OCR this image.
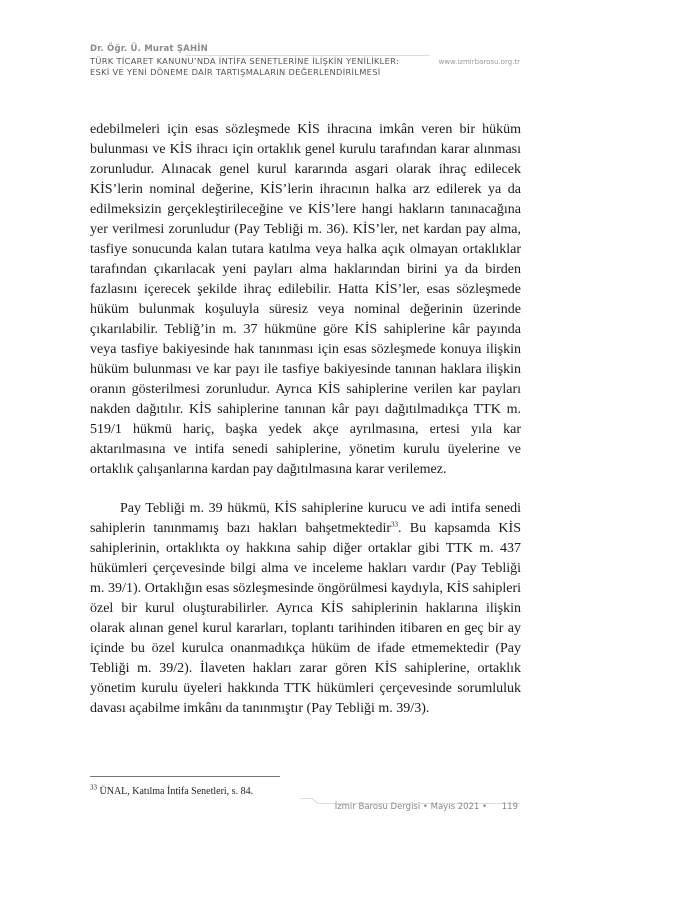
Dr. Öğr. Ü. Murat ŞAHİN
TÜRK TİCARET KANUNU’NDA İNTİFA SENETLERİNE İLİŞKİN YENİLİKLER:
ESKİ VE YENİ DÖNEME DAİR TARTIŞMALARIN DEĞERLENDİRİLMESİ
www.izmirbarosu.org.tr

edebilmeleri için esas sözleşmede KİS ihracına imkân veren bir hüküm bulunması ve KİS ihracı için ortaklık genel kurulu tarafından karar alınması zorunludur. Alınacak genel kurul kararında asgari olarak ihraç edilecek KİS’lerin nominal değerine, KİS’lerin ihracının halka arz edilerek ya da edilmeksizin gerçekleştirileceğine ve KİS’lere hangi hakların tanınacağına yer verilmesi zorunludur (Pay Tebliği m. 36). KİS’ler, net kardan pay alma, tasfiye sonucunda kalan tutara katılma veya halka açık olmayan ortaklıklar tarafından çıkarılacak yeni payları alma haklarından birini ya da birden fazlasını içerecek şekilde ihraç edilebilir. Hatta KİS’ler, esas sözleşmede hüküm bulunmak koşuluyla süresiz veya nominal değerinin üzerinde çıkarılabilir. Tebliğ’in m. 37 hükmüne göre KİS sahiplerine kâr payında veya tasfiye bakiyesinde hak tanınması için esas sözleşmede konuya ilişkin hüküm bulunması ve kar payı ile tasfiye bakiyesinde tanınan haklara ilişkin oranın gösterilmesi zorunludur. Ayrıca KİS sahiplerine verilen kar payları nakden dağıtılır. KİS sahiplerine tanınan kâr payı dağıtılmadıkça TTK m. 519/1 hükmü hariç, başka yedek akçe ayrılmasına, ertesi yıla kar aktarılmasına ve intifa senedi sahiplerine, yönetim kurulu üyelerine ve ortaklık çalışanlarına kardan pay dağıtılmasına karar verilemez.

Pay Tebliği m. 39 hükmü, KİS sahiplerine kurucu ve adi intifa senedi sahiplerin tanınmamış bazı hakları bahşetmektedir$^{33}$. Bu kapsamda KİS sahiplerinin, ortaklıkta oy hakkına sahip diğer ortaklar gibi TTK m. 437 hükümleri çerçevesinde bilgi alma ve inceleme hakları vardır (Pay Tebliği m. 39/1). Ortaklığın esas sözleşmesinde öngörülmesi kaydıyla, KİS sahipleri özel bir kurul oluşturabilirler. Ayrıca KİS sahiplerinin haklarına ilişkin olarak alınan genel kurul kararları, toplantı tarihinden itibaren en geç bir ay içinde bu özel kurulca onanmadıkça hüküm de ifade etmemektedir (Pay Tebliği m. 39/2). İlaveten hakları zarar gören KİS sahiplerine, ortaklık yönetim kurulu üyeleri hakkında TTK hükümleri çerçevesinde sorumluluk davası açabilme imkânı da tanınmıştır (Pay Tebliği m. 39/3).

$^{33}$ ÜNAL, Katılma İntifa Senetleri, s. 84.
İzmir Barosu Dergisi • Mayıs 2021 • 119
